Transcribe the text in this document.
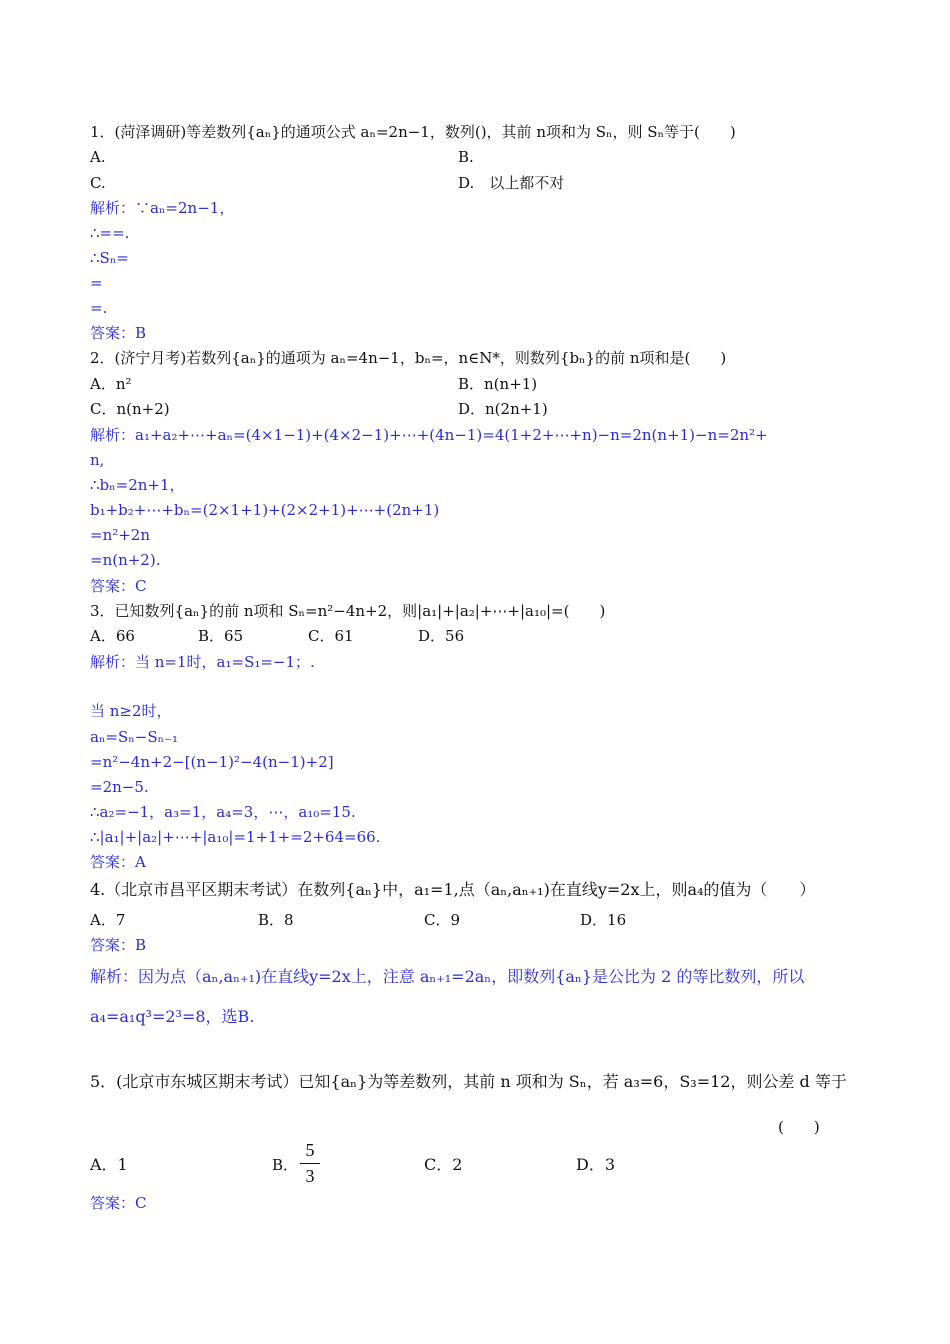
1．(菏泽调研)等差数列{aₙ}的通项公式 aₙ=2n−1，数列()，其前 n项和为 Sₙ，则 Sₙ等于(　　)
A.	B.
C.	D.　以上都不对
解析：∵aₙ=2n−1，
∴==.
∴Sₙ=
=
=.
答案：B
2．(济宁月考)若数列{aₙ}的通项为 aₙ=4n−1，bₙ=，n∈N*，则数列{bₙ}的前 n项和是(　　)
A．n²	B．n(n+1)
C．n(n+2)	D．n(2n+1)
解析：a₁+a₂+⋯+aₙ=(4×1−1)+(4×2−1)+⋯+(4n−1)=4(1+2+⋯+n)−n=2n(n+1)−n=2n²+
n,
∴bₙ=2n+1，
b₁+b₂+⋯+bₙ=(2×1+1)+(2×2+1)+⋯+(2n+1)
=n²+2n
=n(n+2).
答案：C
3．已知数列{aₙ}的前 n项和 Sₙ=n²−4n+2，则|a₁|+|a₂|+⋯+|a₁₀|=(　　)
A．66	B．65	C．61	D．56
解析：当 n=1时，a₁=S₁=−1；.
当 n≥2时，
aₙ=Sₙ−Sₙ₋₁
=n²−4n+2−[(n−1)²−4(n−1)+2]
=2n−5.
∴a₂=−1，a₃=1，a₄=3，⋯，a₁₀=15.
∴|a₁|+|a₂|+⋯+|a₁₀|=1+1+=2+64=66.
答案：A
4.（北京市昌平区期末考试）在数列{aₙ}中，a₁=1,点（aₙ,aₙ₊₁)在直线y=2x上，则a₄的值为（　　）
A．7	B．8	C．9	D．16
答案：B
解析：因为点（aₙ,aₙ₊₁)在直线y=2x上，注意 aₙ₊₁=2aₙ，即数列{aₙ}是公比为 2 的等比数列，所以
a₄=a₁q³=2³=8，选B.
5．(北京市东城区期末考试）已知{aₙ}为等差数列，其前 n 项和为 Sₙ，若 a₃=6，S₃=12，则公差 d 等于
(　　)
A．1	B．
5
3
C．2	D．3
答案：C
